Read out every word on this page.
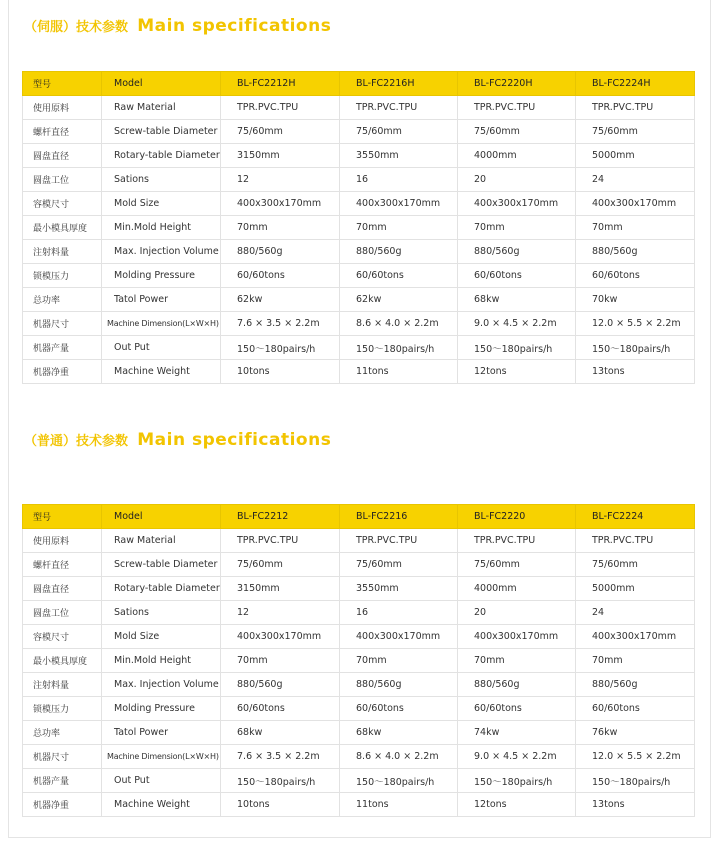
（伺服）技术参数 Main specifications
型号	Model	BL-FC2212H	BL-FC2216H	BL-FC2220H	BL-FC2224H
使用原料	Raw Material	TPR.PVC.TPU	TPR.PVC.TPU	TPR.PVC.TPU	TPR.PVC.TPU
螺杆直径	Screw-table Diameter	75/60mm	75/60mm	75/60mm	75/60mm
圆盘直径	Rotary-table Diameter	3150mm	3550mm	4000mm	5000mm
圆盘工位	Sations	12	16	20	24
容模尺寸	Mold Size	400x300x170mm	400x300x170mm	400x300x170mm	400x300x170mm
最小模具厚度	Min.Mold Height	70mm	70mm	70mm	70mm
注射料量	Max. Injection Volume	880/560g	880/560g	880/560g	880/560g
锁模压力	Molding Pressure	60/60tons	60/60tons	60/60tons	60/60tons
总功率	Tatol Power	62kw	62kw	68kw	70kw
机器尺寸	Machine Dimension(L×W×H)	7.6 × 3.5 × 2.2m	8.6 × 4.0 × 2.2m	9.0 × 4.5 × 2.2m	12.0 × 5.5 × 2.2m
机器产量	Out Put	150〜180pairs/h	150〜180pairs/h	150〜180pairs/h	150〜180pairs/h
机器净重	Machine Weight	10tons	11tons	12tons	13tons
（普通）技术参数 Main specifications
型号	Model	BL-FC2212	BL-FC2216	BL-FC2220	BL-FC2224
使用原料	Raw Material	TPR.PVC.TPU	TPR.PVC.TPU	TPR.PVC.TPU	TPR.PVC.TPU
螺杆直径	Screw-table Diameter	75/60mm	75/60mm	75/60mm	75/60mm
圆盘直径	Rotary-table Diameter	3150mm	3550mm	4000mm	5000mm
圆盘工位	Sations	12	16	20	24
容模尺寸	Mold Size	400x300x170mm	400x300x170mm	400x300x170mm	400x300x170mm
最小模具厚度	Min.Mold Height	70mm	70mm	70mm	70mm
注射料量	Max. Injection Volume	880/560g	880/560g	880/560g	880/560g
锁模压力	Molding Pressure	60/60tons	60/60tons	60/60tons	60/60tons
总功率	Tatol Power	68kw	68kw	74kw	76kw
机器尺寸	Machine Dimension(L×W×H)	7.6 × 3.5 × 2.2m	8.6 × 4.0 × 2.2m	9.0 × 4.5 × 2.2m	12.0 × 5.5 × 2.2m
机器产量	Out Put	150〜180pairs/h	150〜180pairs/h	150〜180pairs/h	150〜180pairs/h
机器净重	Machine Weight	10tons	11tons	12tons	13tons
